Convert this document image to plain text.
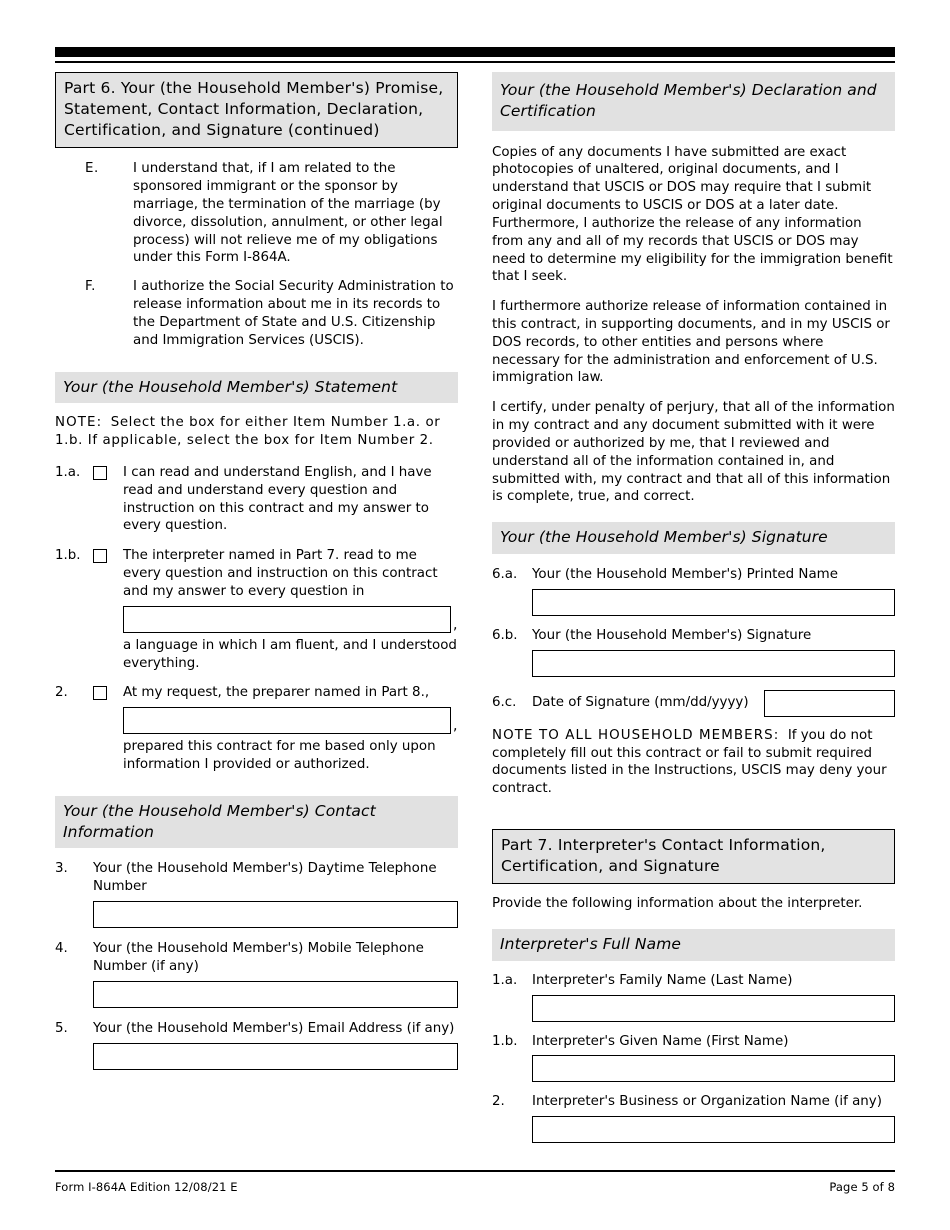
Part 6. Your (the Household Member's) Promise, Statement, Contact Information, Declaration, Certification, and Signature (continued)
E.	I understand that, if I am related to the sponsored immigrant or the sponsor by marriage, the termination of the marriage (by divorce, dissolution, annulment, or other legal process) will not relieve me of my obligations under this Form I-864A.
F.	I authorize the Social Security Administration to release information about me in its records to the Department of State and U.S. Citizenship and Immigration Services (USCIS).
Your (the Household Member's) Statement
NOTE: Select the box for either Item Number 1.a. or 1.b. If applicable, select the box for Item Number 2.
1.a.	I can read and understand English, and I have read and understand every question and instruction on this contract and my answer to every question.
1.b.	The interpreter named in Part 7. read to me every question and instruction on this contract and my answer to every question in
,
a language in which I am fluent, and I understood everything.
2.	At my request, the preparer named in Part 8.,
,
prepared this contract for me based only upon information I provided or authorized.
Your (the Household Member's) Contact Information
3.	Your (the Household Member's) Daytime Telephone Number
4.	Your (the Household Member's) Mobile Telephone Number (if any)
5.	Your (the Household Member's) Email Address (if any)
Your (the Household Member's) Declaration and Certification

Copies of any documents I have submitted are exact photocopies of unaltered, original documents, and I understand that USCIS or DOS may require that I submit original documents to USCIS or DOS at a later date. Furthermore, I authorize the release of any information from any and all of my records that USCIS or DOS may need to determine my eligibility for the immigration benefit that I seek.

I furthermore authorize release of information contained in this contract, in supporting documents, and in my USCIS or DOS records, to other entities and persons where necessary for the administration and enforcement of U.S. immigration law.

I certify, under penalty of perjury, that all of the information in my contract and any document submitted with it were provided or authorized by me, that I reviewed and understand all of the information contained in, and submitted with, my contract and that all of this information is complete, true, and correct.

Your (the Household Member's) Signature
6.a.	Your (the Household Member's) Printed Name
6.b.	Your (the Household Member's) Signature
6.c.	Date of Signature (mm/dd/yyyy)
NOTE TO ALL HOUSEHOLD MEMBERS: If you do not completely fill out this contract or fail to submit required documents listed in the Instructions, USCIS may deny your contract.
Part 7. Interpreter's Contact Information, Certification, and Signature

Provide the following information about the interpreter.

Interpreter's Full Name
1.a.	Interpreter's Family Name (Last Name)
1.b.	Interpreter's Given Name (First Name)
2.	Interpreter's Business or Organization Name (if any)
Form I-864A Edition 12/08/21 E	Page 5 of 8
